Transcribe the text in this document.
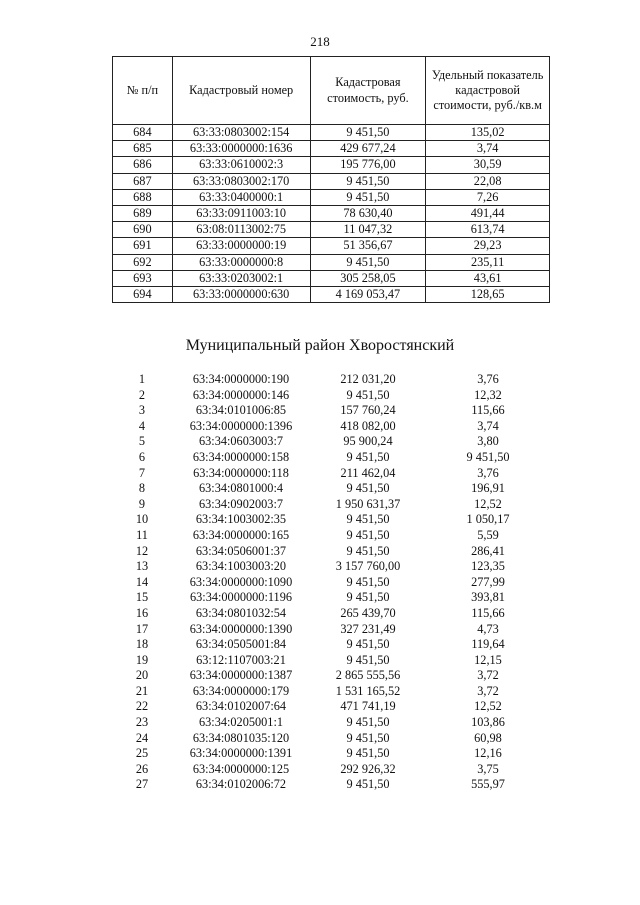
218
№ п/п	Кадастровый номер	Кадастровая стоимость, руб.	Удельный показатель кадастровой стоимости, руб./кв.м
684	63:33:0803002:154	9 451,50	135,02
685	63:33:0000000:1636	429 677,24	3,74
686	63:33:0610002:3	195 776,00	30,59
687	63:33:0803002:170	9 451,50	22,08
688	63:33:0400000:1	9 451,50	7,26
689	63:33:0911003:10	78 630,40	491,44
690	63:08:0113002:75	11 047,32	613,74
691	63:33:0000000:19	51 356,67	29,23
692	63:33:0000000:8	9 451,50	235,11
693	63:33:0203002:1	305 258,05	43,61
694	63:33:0000000:630	4 169 053,47	128,65
Муниципальный район Хворостянский
1	63:34:0000000:190	212 031,20	3,76
2	63:34:0000000:146	9 451,50	12,32
3	63:34:0101006:85	157 760,24	115,66
4	63:34:0000000:1396	418 082,00	3,74
5	63:34:0603003:7	95 900,24	3,80
6	63:34:0000000:158	9 451,50	9 451,50
7	63:34:0000000:118	211 462,04	3,76
8	63:34:0801000:4	9 451,50	196,91
9	63:34:0902003:7	1 950 631,37	12,52
10	63:34:1003002:35	9 451,50	1 050,17
11	63:34:0000000:165	9 451,50	5,59
12	63:34:0506001:37	9 451,50	286,41
13	63:34:1003003:20	3 157 760,00	123,35
14	63:34:0000000:1090	9 451,50	277,99
15	63:34:0000000:1196	9 451,50	393,81
16	63:34:0801032:54	265 439,70	115,66
17	63:34:0000000:1390	327 231,49	4,73
18	63:34:0505001:84	9 451,50	119,64
19	63:12:1107003:21	9 451,50	12,15
20	63:34:0000000:1387	2 865 555,56	3,72
21	63:34:0000000:179	1 531 165,52	3,72
22	63:34:0102007:64	471 741,19	12,52
23	63:34:0205001:1	9 451,50	103,86
24	63:34:0801035:120	9 451,50	60,98
25	63:34:0000000:1391	9 451,50	12,16
26	63:34:0000000:125	292 926,32	3,75
27	63:34:0102006:72	9 451,50	555,97
